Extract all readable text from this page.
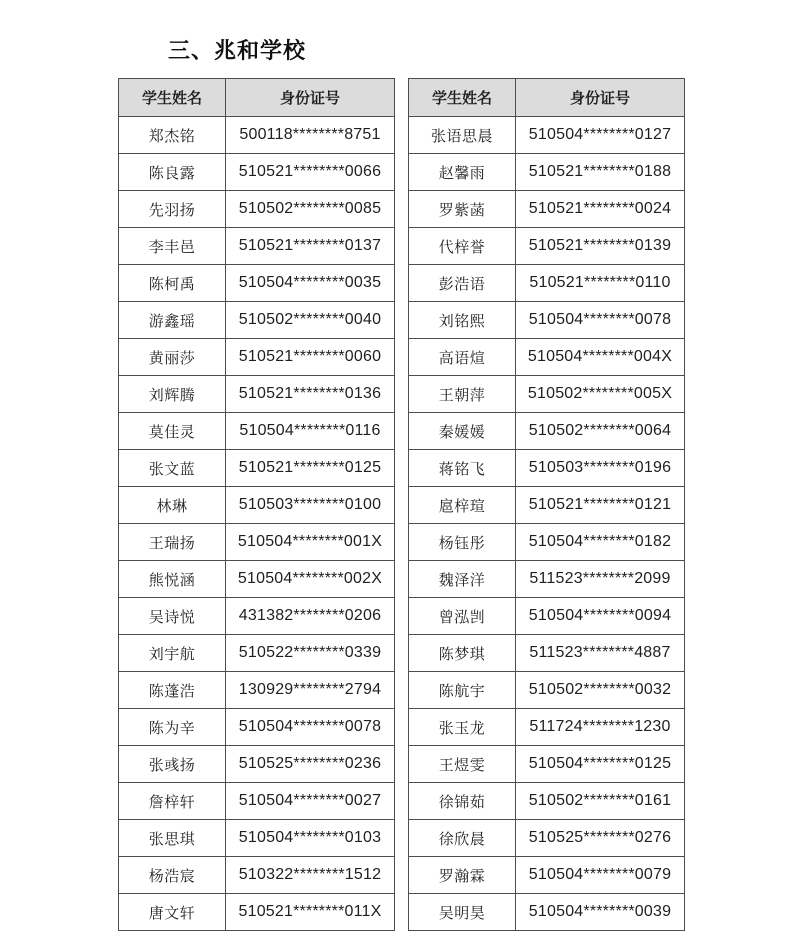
三、兆和学校
学生姓名	身份证号
郑杰铭	500118********8751
陈良露	510521********0066
先羽扬	510502********0085
李丰邑	510521********0137
陈柯禹	510504********0035
游鑫瑶	510502********0040
黄丽莎	510521********0060
刘辉腾	510521********0136
莫佳灵	510504********0116
张文蓝	510521********0125
林琳	510503********0100
王瑞扬	510504********001X
熊悦涵	510504********002X
吴诗悦	431382********0206
刘宇航	510522********0339
陈蓬浩	130929********2794
陈为辛	510504********0078
张彧扬	510525********0236
詹梓轩	510504********0027
张思琪	510504********0103
杨浩宸	510322********1512
唐文轩	510521********011X
学生姓名	身份证号
张语思晨	510504********0127
赵馨雨	510521********0188
罗紫菡	510521********0024
代梓誉	510521********0139
彭浩语	510521********0110
刘铭熙	510504********0078
高语煊	510504********004X
王朝萍	510502********005X
秦媛媛	510502********0064
蒋铭飞	510503********0196
扈梓瑄	510521********0121
杨钰彤	510504********0182
魏泽洋	511523********2099
曾泓剀	510504********0094
陈梦琪	511523********4887
陈航宇	510502********0032
张玉龙	511724********1230
王煜雯	510504********0125
徐锦茹	510502********0161
徐欣晨	510525********0276
罗瀚霖	510504********0079
吴明昊	510504********0039
